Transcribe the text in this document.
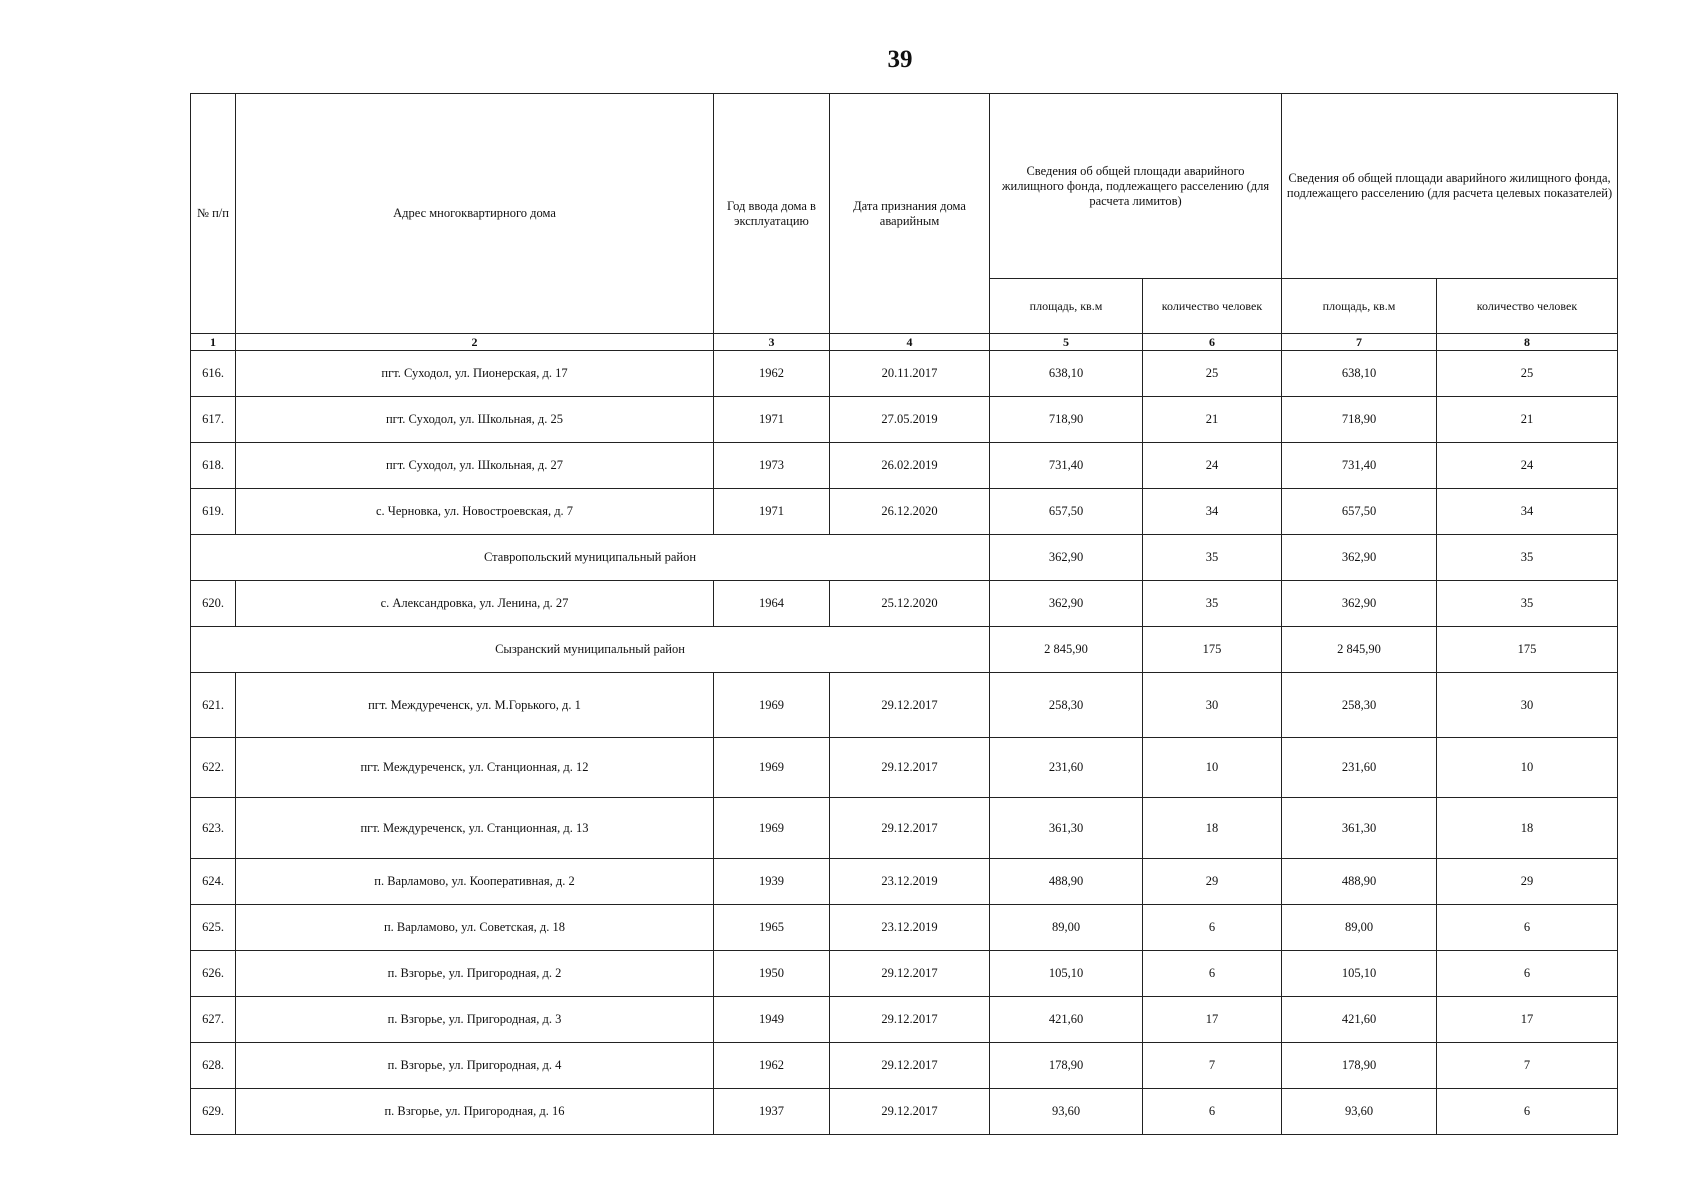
39
№ п/п	Адрес многоквартирного дома	Год ввода дома в эксплуатацию	Дата признания дома аварийным	Сведения об общей площади аварийного жилищного фонда, подлежащего расселению (для расчета лимитов)		Сведения об общей площади аварийного жилищного фонда, подлежащего расселению (для расчета целевых показателей)	
				площадь, кв.м	количество человек	площадь, кв.м	количество человек
1	2	3	4	5	6	7	8
616.	пгт. Суходол, ул. Пионерская, д. 17	1962	20.11.2017	638,10	25	638,10	25
617.	пгт. Суходол, ул. Школьная, д. 25	1971	27.05.2019	718,90	21	718,90	21
618.	пгт. Суходол, ул. Школьная, д. 27	1973	26.02.2019	731,40	24	731,40	24
619.	с. Черновка, ул. Новостроевская, д. 7	1971	26.12.2020	657,50	34	657,50	34
Ставропольский муниципальный район				362,90	35	362,90	35
620.	с. Александровка, ул. Ленина, д. 27	1964	25.12.2020	362,90	35	362,90	35
Сызранский муниципальный район				2 845,90	175	2 845,90	175
621.	пгт. Междуреченск, ул. М.Горького, д. 1	1969	29.12.2017	258,30	30	258,30	30
622.	пгт. Междуреченск, ул. Станционная, д. 12	1969	29.12.2017	231,60	10	231,60	10
623.	пгт. Междуреченск, ул. Станционная, д. 13	1969	29.12.2017	361,30	18	361,30	18
624.	п. Варламово, ул. Кооперативная, д. 2	1939	23.12.2019	488,90	29	488,90	29
625.	п. Варламово, ул. Советская, д. 18	1965	23.12.2019	89,00	6	89,00	6
626.	п. Взгорье, ул. Пригородная, д. 2	1950	29.12.2017	105,10	6	105,10	6
627.	п. Взгорье, ул. Пригородная, д. 3	1949	29.12.2017	421,60	17	421,60	17
628.	п. Взгорье, ул. Пригородная, д. 4	1962	29.12.2017	178,90	7	178,90	7
629.	п. Взгорье, ул. Пригородная, д. 16	1937	29.12.2017	93,60	6	93,60	6
